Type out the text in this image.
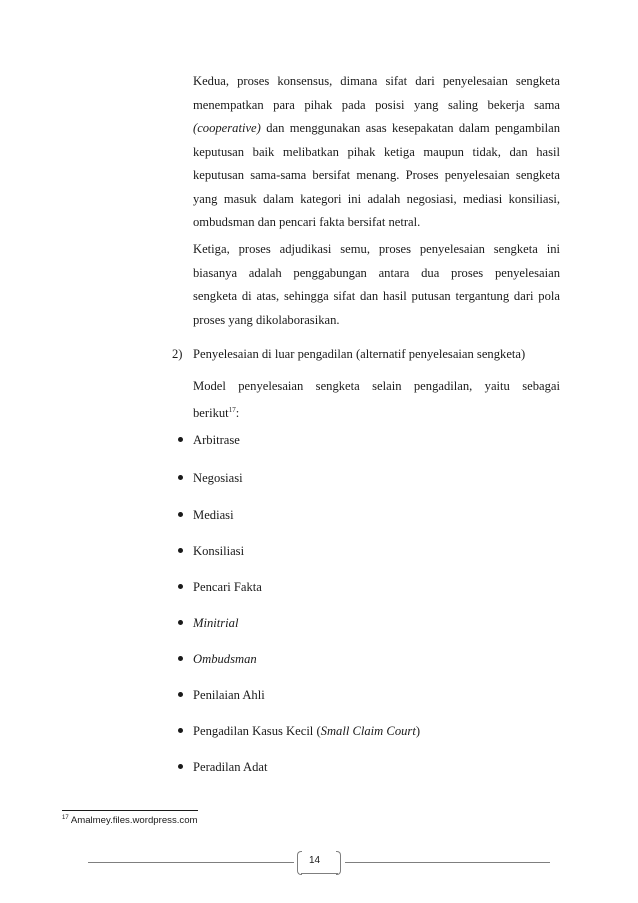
Kedua, proses konsensus, dimana sifat dari penyelesaian sengketa
menempatkan para pihak pada posisi yang saling bekerja sama
(cooperative) dan menggunakan asas kesepakatan dalam pengambilan
keputusan baik melibatkan pihak ketiga maupun tidak, dan hasil
keputusan sama-sama bersifat menang. Proses penyelesaian sengketa
yang masuk dalam kategori ini adalah negosiasi, mediasi konsiliasi,
ombudsman dan pencari fakta bersifat netral.
Ketiga, proses adjudikasi semu, proses penyelesaian sengketa ini
biasanya adalah penggabungan antara dua proses penyelesaian
sengketa di atas, sehingga sifat dan hasil putusan tergantung dari pola
proses yang dikolaborasikan.
2) Penyelesaian di luar pengadilan (alternatif penyelesaian sengketa)
Model penyelesaian sengketa selain pengadilan, yaitu sebagai
berikut$^{17}$:
Arbitrase
Negosiasi
Mediasi
Konsiliasi
Pencari Fakta
Minitrial
Ombudsman
Penilaian Ahli
Pengadilan Kasus Kecil (Small Claim Court)
Peradilan Adat
$^{17}$ Amalmey.files.wordpress.com
14
